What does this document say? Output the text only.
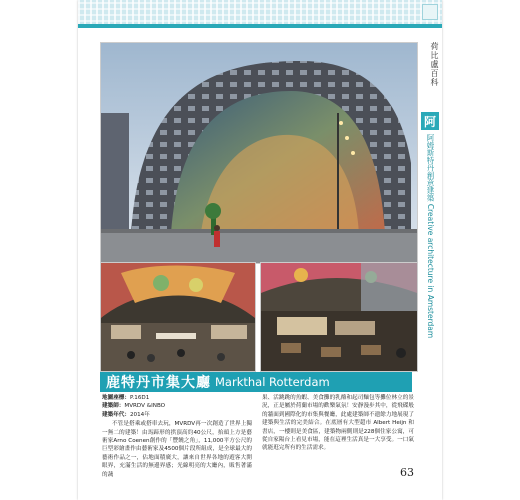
荷比盧百科
阿
阿姆斯特丹創意建築 Creative architecture in Amsterdam
鹿特丹市集大廳 Markthal Rotterdam
地圖座標：P.16D1
建築師：MVRDV &INBO
建築年代：2014年
不管是搭乘或搭車去玩，MVRDV再一次創造了世界上獨一無二的建築！由馬蹄形的拱頂高約40公尺，抬頭上方是藝術家Arno Coenen創作的「豐饒之角」，11,000平方公尺的巨型彩繪畫作由藝術家及4500個片段所組成，是全球最大的藝術作品之一，佔地面積廣大，讓來自世界各地的遊客大開眼界，充滿生活的無邊界感；光線明亮的大廳內，販售著滿的蔬
果、活跳跳的魚蝦、美食攤的乳酪和起司麵包等攤位林立的景況，正是屬於荷蘭市場的歡樂氣氛！安靜漫步其中，從飛碟般的牆面到國際化的市集與餐廳，此處建築師不遺餘力地展現了建築與生活的完美結合。在底層有大型超市 Albert Heijn 和書店，一樓則是美食區，建築物兩側則是228個住家公寓，可從自家陽台上看見市場，能在這裡生活真是一大享受。一口氣就能逛完所有的生活需求。
63
